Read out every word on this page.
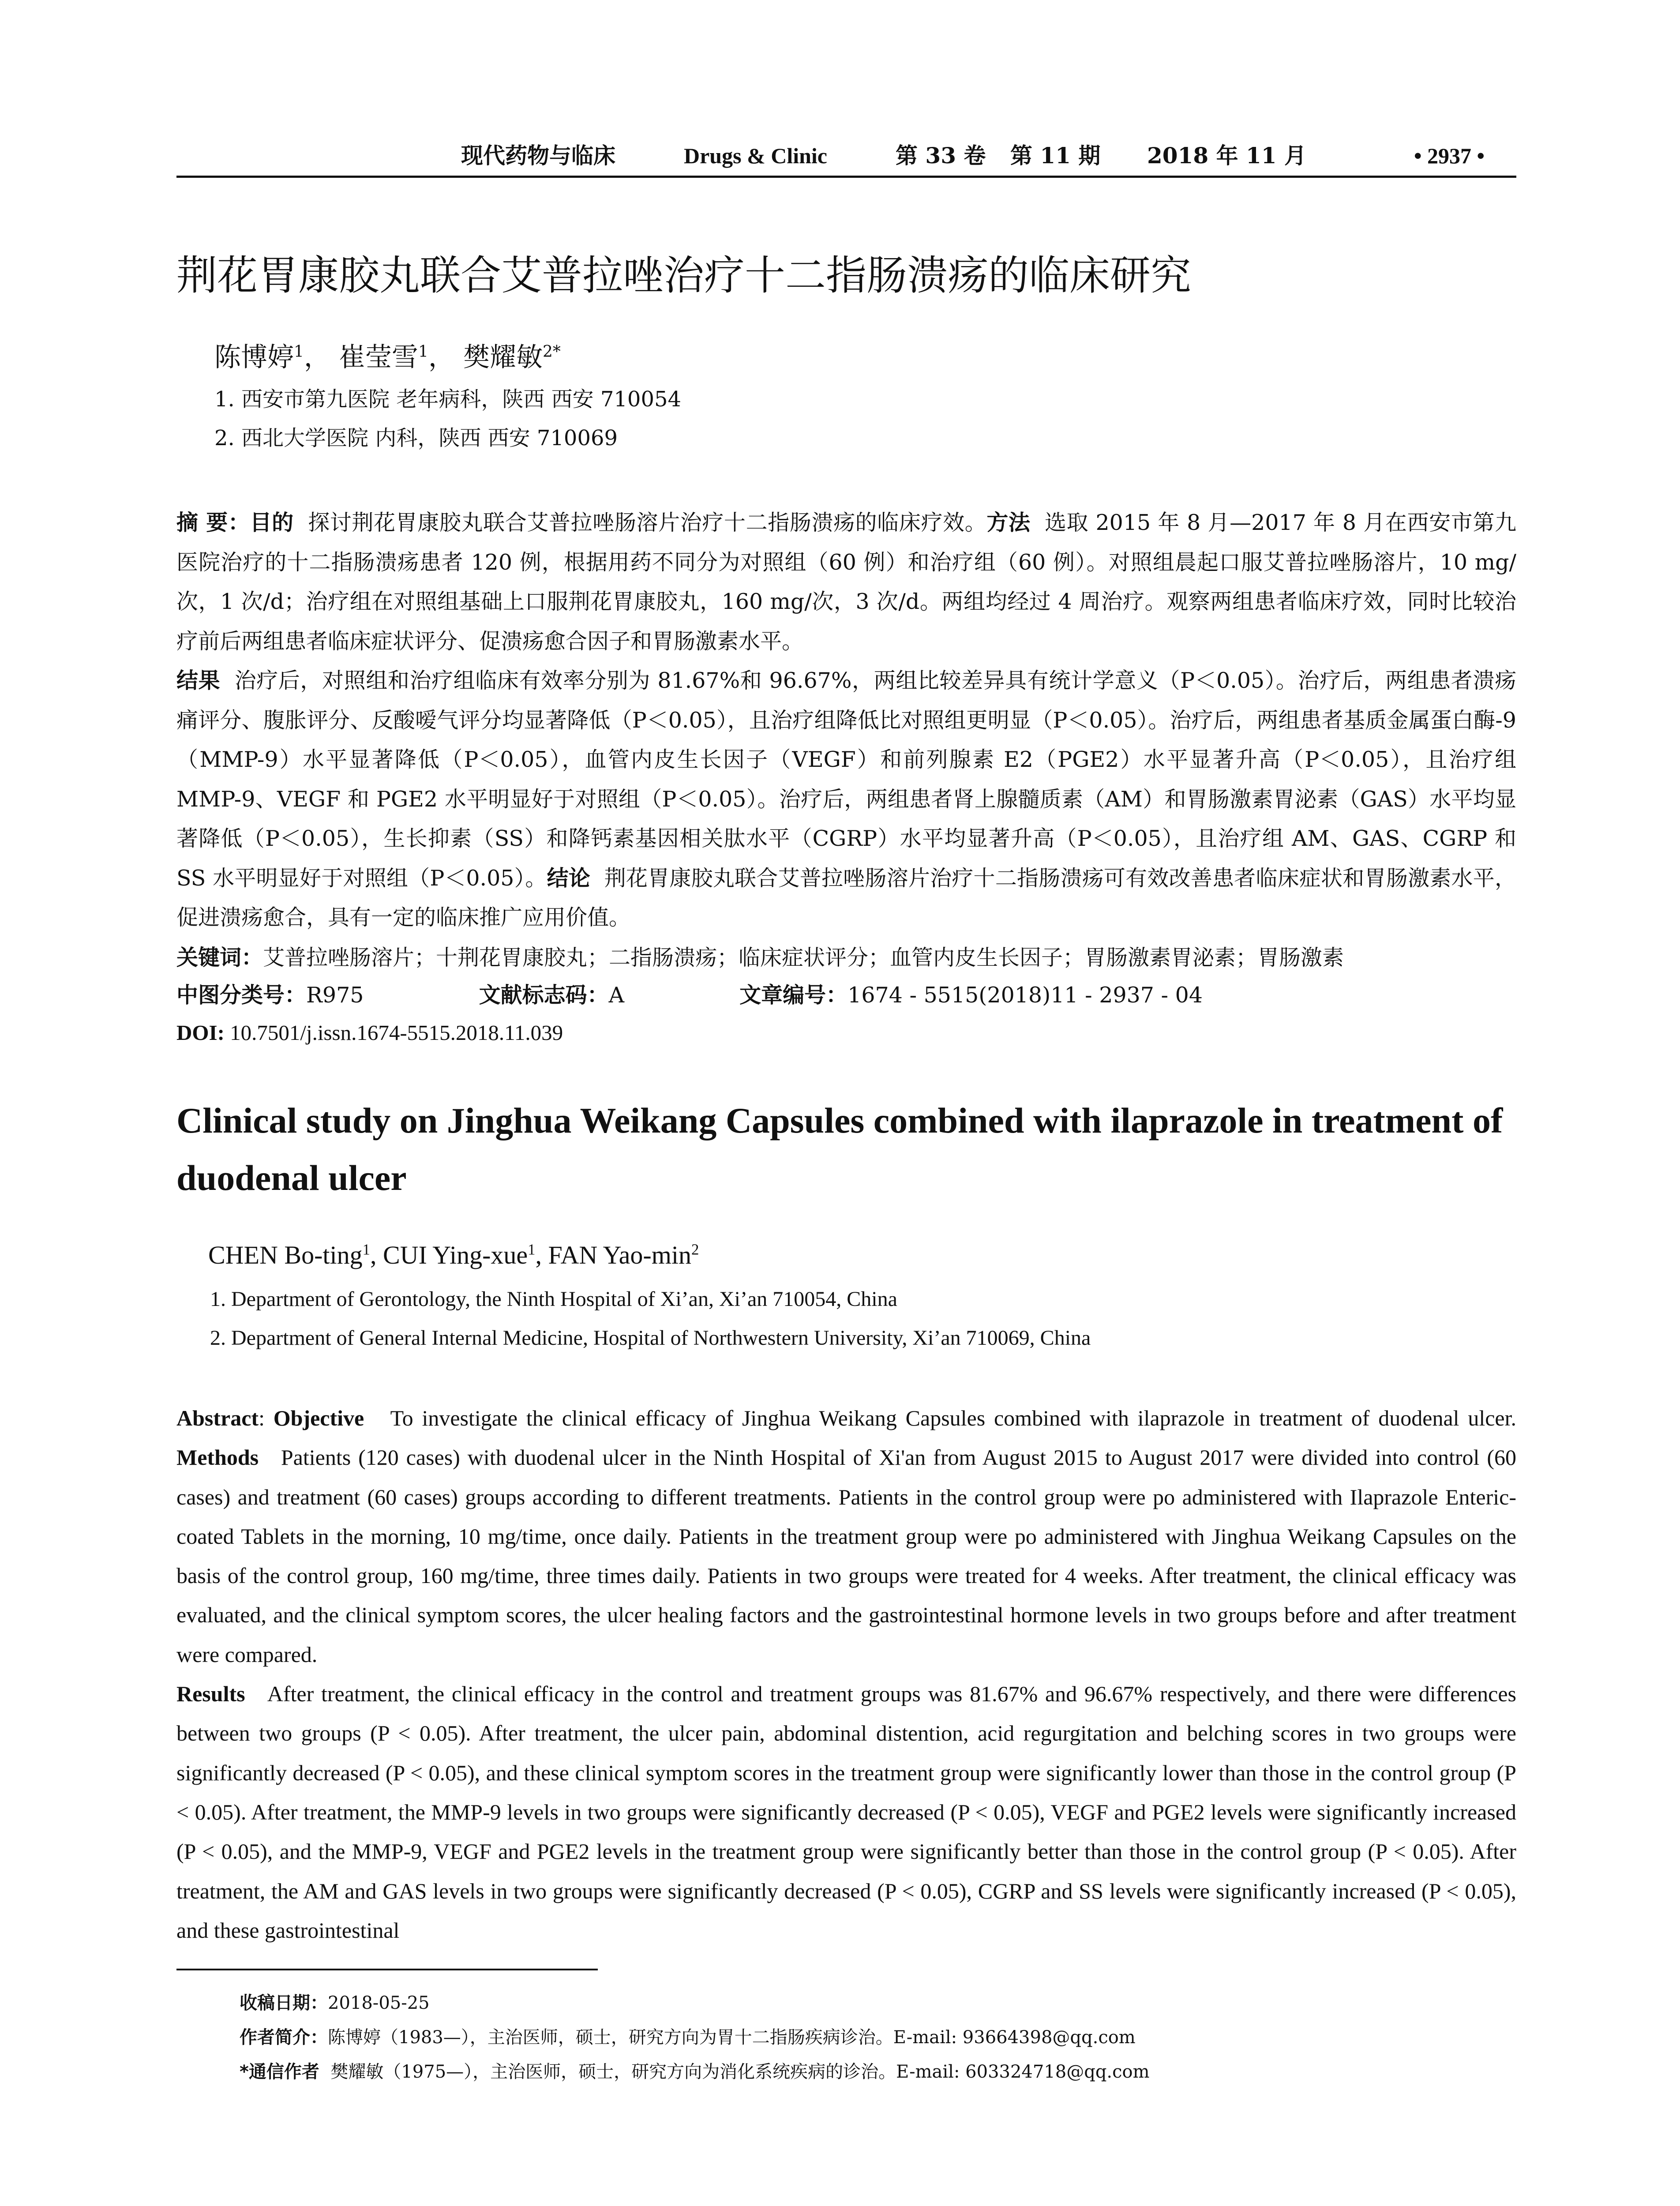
现代药物与临床	Drugs & Clinic	第 33 卷 第 11 期 2018 年 11 月	• 2937 •
荆花胃康胶丸联合艾普拉唑治疗十二指肠溃疡的临床研究
陈博婷$^1$， 崔莹雪$^1$， 樊耀敏$^{2*}$
1. 西安市第九医院 老年病科，陕西 西安 710054
2. 西北大学医院 内科，陕西 西安 710069
摘 要：目的 探讨荆花胃康胶丸联合艾普拉唑肠溶片治疗十二指肠溃疡的临床疗效。方法 选取 2015 年 8 月—2017 年 8 月在西安市第九医院治疗的十二指肠溃疡患者 120 例，根据用药不同分为对照组（60 例）和治疗组（60 例）。对照组晨起口服艾普拉唑肠溶片，10 mg/次，1 次/d；治疗组在对照组基础上口服荆花胃康胶丸，160 mg/次，3 次/d。两组均经过 4 周治疗。观察两组患者临床疗效，同时比较治疗前后两组患者临床症状评分、促溃疡愈合因子和胃肠激素水平。
结果 治疗后，对照组和治疗组临床有效率分别为 81.67%和 96.67%，两组比较差异具有统计学意义（P＜0.05）。治疗后，两组患者溃疡痛评分、腹胀评分、反酸嗳气评分均显著降低（P＜0.05），且治疗组降低比对照组更明显（P＜0.05）。治疗后，两组患者基质金属蛋白酶-9（MMP-9）水平显著降低（P＜0.05），血管内皮生长因子（VEGF）和前列腺素 E2（PGE2）水平显著升高（P＜0.05），且治疗组 MMP-9、VEGF 和 PGE2 水平明显好于对照组（P＜0.05）。治疗后，两组患者肾上腺髓质素（AM）和胃肠激素胃泌素（GAS）水平均显著降低（P＜0.05），生长抑素（SS）和降钙素基因相关肽水平（CGRP）水平均显著升高（P＜0.05），且治疗组 AM、GAS、CGRP 和 SS 水平明显好于对照组（P＜0.05）。结论 荆花胃康胶丸联合艾普拉唑肠溶片治疗十二指肠溃疡可有效改善患者临床症状和胃肠激素水平，促进溃疡愈合，具有一定的临床推广应用价值。
关键词：艾普拉唑肠溶片；十荆花胃康胶丸；二指肠溃疡；临床症状评分；血管内皮生长因子；胃肠激素胃泌素；胃肠激素
中图分类号：R975	文献标志码：A	文章编号：1674 - 5515(2018)11 - 2937 - 04
DOI: 10.7501/j.issn.1674-5515.2018.11.039
Clinical study on Jinghua Weikang Capsules combined with ilaprazole in treatment of duodenal ulcer
CHEN Bo-ting$^1$, CUI Ying-xue$^1$, FAN Yao-$\min^2$
1. Department of Gerontology, the Ninth Hospital of Xi’an, Xi’an 710054, China
2. Department of General Internal Medicine, Hospital of Northwestern University, Xi’an 710069, China
Abstract: Objective To investigate the clinical efficacy of Jinghua Weikang Capsules combined with ilaprazole in treatment of duodenal ulcer. Methods Patients (120 cases) with duodenal ulcer in the Ninth Hospital of Xi'an from August 2015 to August 2017 were divided into control (60 cases) and treatment (60 cases) groups according to different treatments. Patients in the control group were po administered with Ilaprazole Enteric-coated Tablets in the morning, 10 mg/time, once daily. Patients in the treatment group were po administered with Jinghua Weikang Capsules on the basis of the control group, 160 mg/time, three times daily. Patients in two groups were treated for 4 weeks. After treatment, the clinical efficacy was evaluated, and the clinical symptom scores, the ulcer healing factors and the gastrointestinal hormone levels in two groups before and after treatment were compared.
Results After treatment, the clinical efficacy in the control and treatment groups was 81.67% and 96.67% respectively, and there were differences between two groups (P < 0.05). After treatment, the ulcer pain, abdominal distention, acid regurgitation and belching scores in two groups were significantly decreased (P < 0.05), and these clinical symptom scores in the treatment group were significantly lower than those in the control group (P < 0.05). After treatment, the MMP-9 levels in two groups were significantly decreased (P < 0.05), VEGF and PGE2 levels were significantly increased (P < 0.05), and the MMP-9, VEGF and PGE2 levels in the treatment group were significantly better than those in the control group (P < 0.05). After treatment, the AM and GAS levels in two groups were significantly decreased (P < 0.05), CGRP and SS levels were significantly increased (P < 0.05), and these gastrointestinal
收稿日期：2018-05-25
作者简介：陈博婷（1983—），主治医师，硕士，研究方向为胃十二指肠疾病诊治。E-mail: 93664398@qq.com
*通信作者 樊耀敏（1975—），主治医师，硕士，研究方向为消化系统疾病的诊治。E-mail: 603324718@qq.com
